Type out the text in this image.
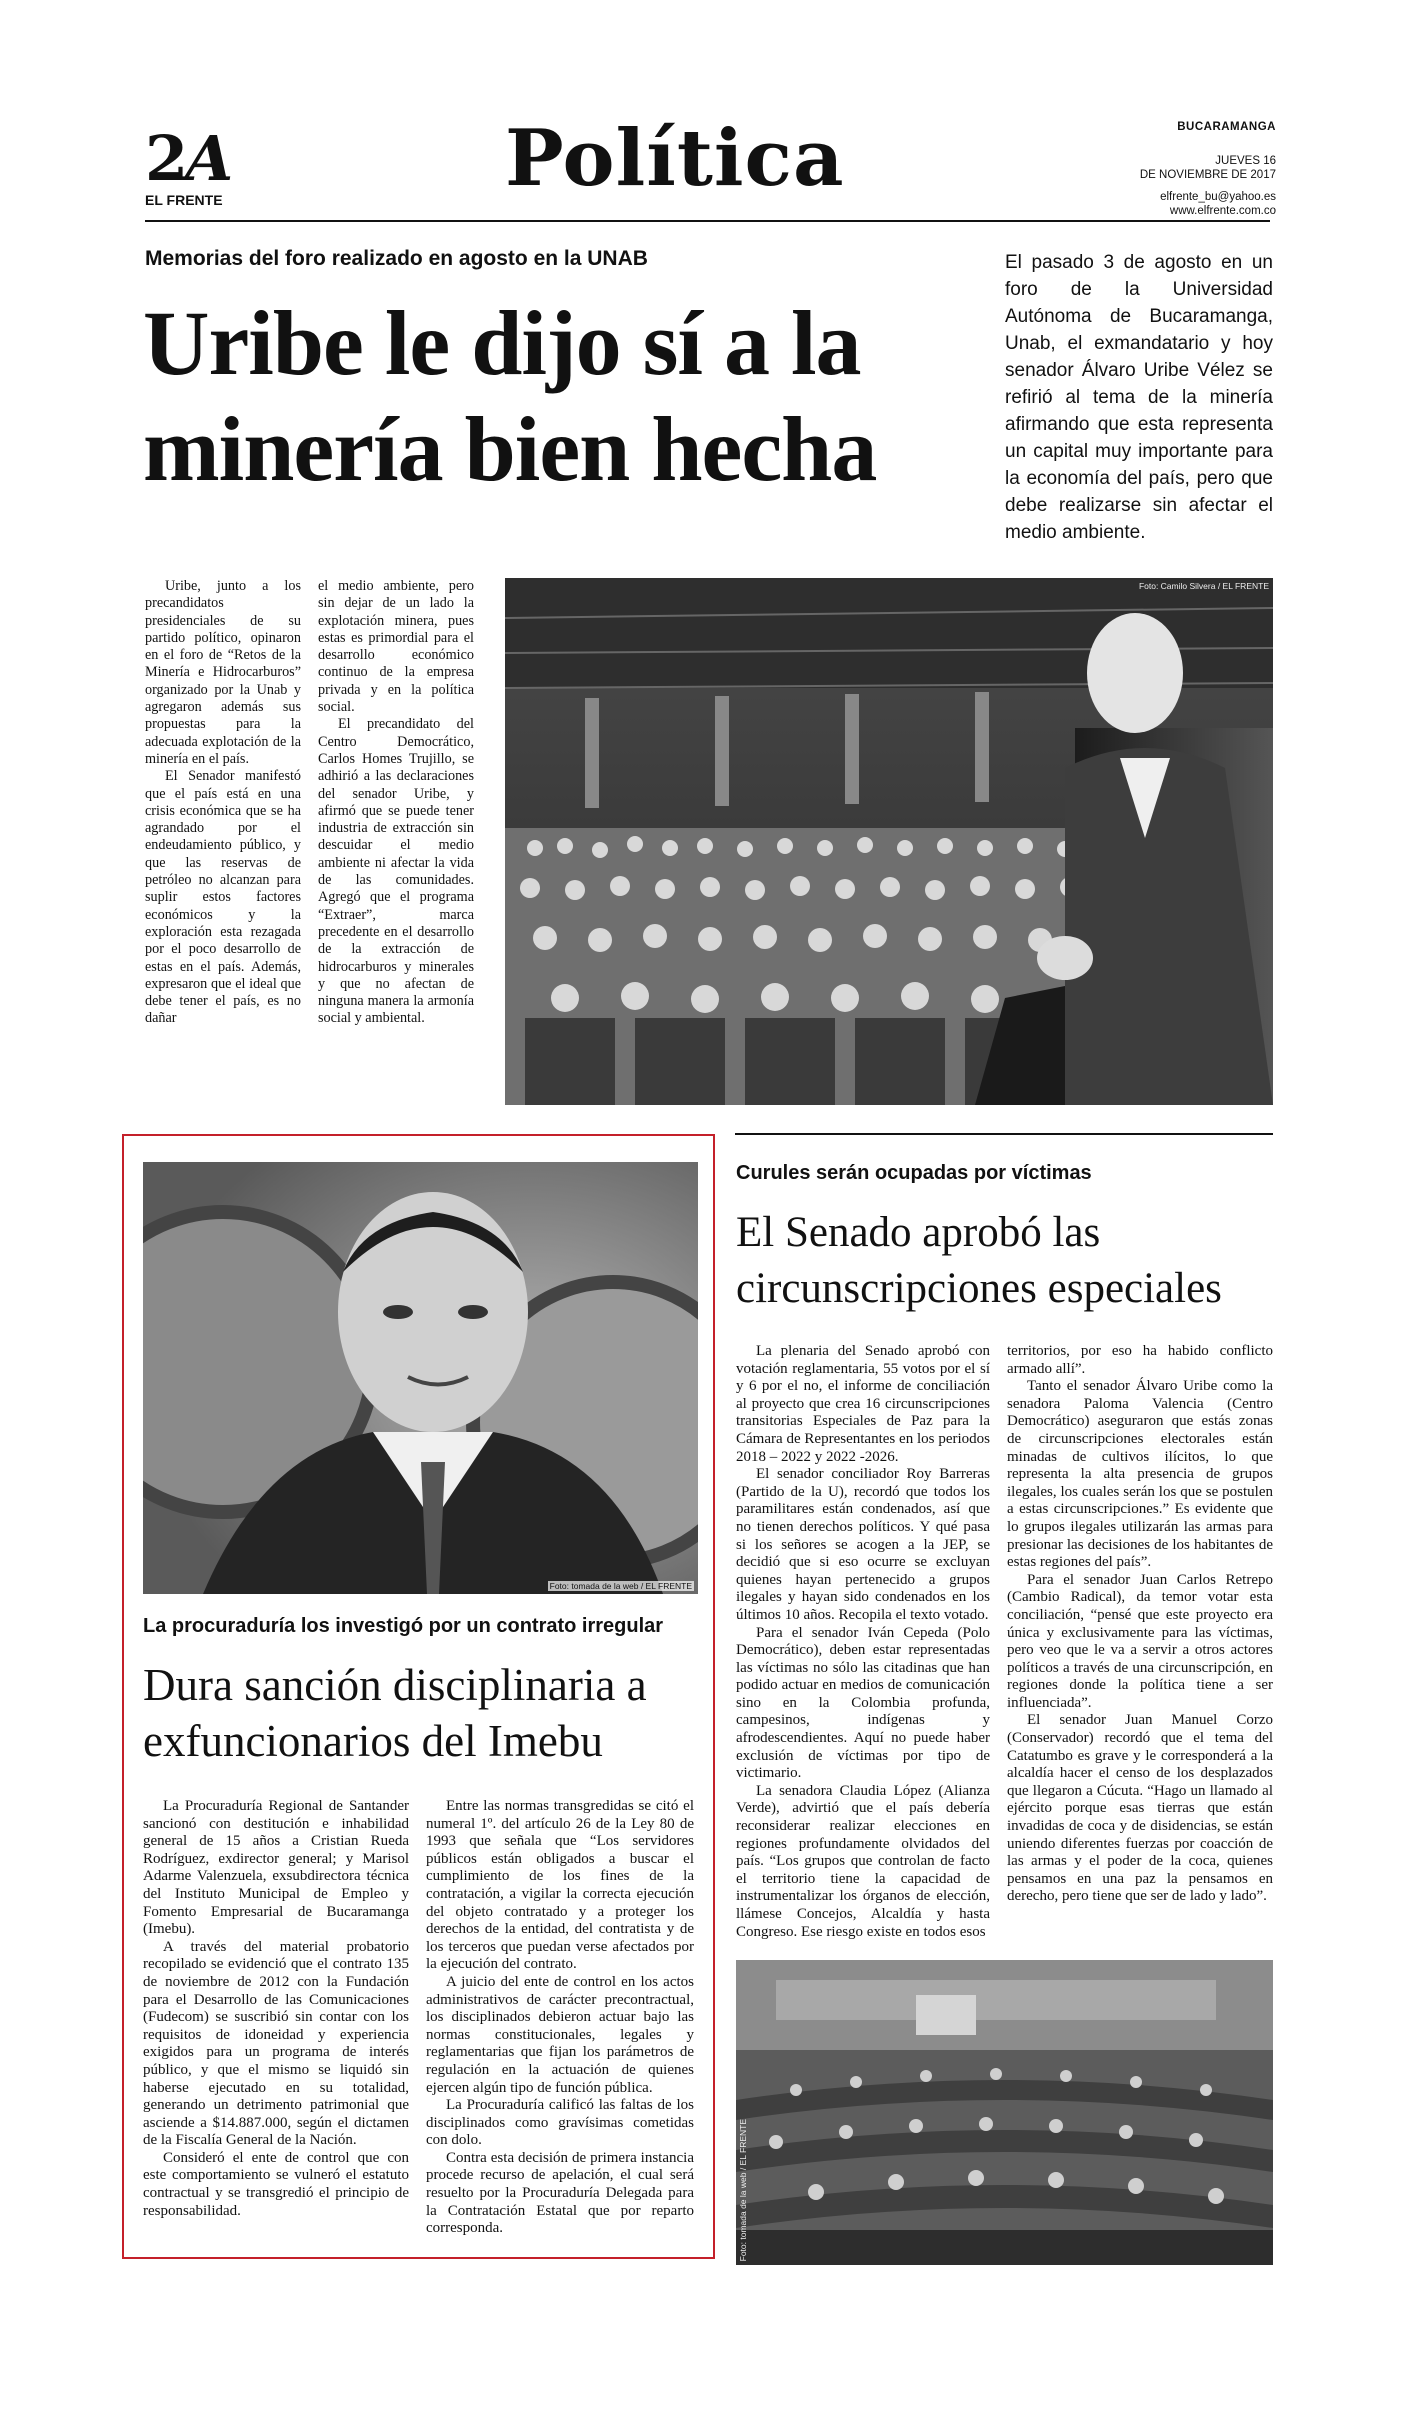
2A
EL FRENTE	Política	BUCARAMANGA
JUEVES 16
DE NOVIEMBRE DE 2017
elfrente_bu@yahoo.es
www.elfrente.com.co
Memorias del foro realizado en agosto en la UNAB
Uribe le dijo sí a la minería bien hecha
El pasado 3 de agosto en un foro de la Universidad Autónoma de Bucaramanga, Unab, el exmandatario y hoy senador Álvaro Uribe Vélez se refirió al tema de la minería afirmando que esta representa un capital muy importante para la economía del país, pero que debe realizarse sin afectar el medio ambiente.

Uribe, junto a los precandidatos presidenciales de su partido político, opinaron en el foro de “Retos de la Minería e Hidrocarburos” organizado por la Unab y agregaron además sus propuestas para la adecuada explotación de la minería en el país.

El Senador manifestó que el país está en una crisis económica que se ha agrandado por el endeudamiento público, y que las reservas de petróleo no alcanzan para suplir estos factores económicos y la exploración esta rezagada por el poco desarrollo de estas en el país. Además, expresaron que el ideal que debe tener el país, es no dañar

el medio ambiente, pero sin dejar de un lado la explotación minera, pues estas es primordial para el desarrollo económico continuo de la empresa privada y en la política social.

El precandidato del Centro Democrático, Carlos Homes Trujillo, se adhirió a las declaraciones del senador Uribe, y afirmó que se puede tener industria de extracción sin descuidar el medio ambiente ni afectar la vida de las comunidades. Agregó que el programa “Extraer”, marca precedente en el desarrollo de la extracción de hidrocarburos y minerales y que no afectan de ninguna manera la armonía social y ambiental.

Foto: Camilo Silvera / EL FRENTE
Foto: tomada de la web / EL FRENTE
La procuraduría los investigó por un contrato irregular
Dura sanción disciplinaria a exfuncionarios del Imebu

La Procuraduría Regional de Santander sancionó con destitución e inhabilidad general de 15 años a Cristian Rueda Rodríguez, exdirector general; y Marisol Adarme Valenzuela, exsubdirectora técnica del Instituto Municipal de Empleo y Fomento Empresarial de Bucaramanga (Imebu).

A través del material probatorio recopilado se evidenció que el contrato 135 de noviembre de 2012 con la Fundación para el Desarrollo de las Comunicaciones (Fudecom) se suscribió sin contar con los requisitos de idoneidad y experiencia exigidos para un programa de interés público, y que el mismo se liquidó sin haberse ejecutado en su totalidad, generando un detrimento patrimonial que asciende a $14.887.000, según el dictamen de la Fiscalía General de la Nación.

Consideró el ente de control que con este comportamiento se vulneró el estatuto contractual y se transgredió el principio de responsabilidad.

Entre las normas transgredidas se citó el numeral 1º. del artículo 26 de la Ley 80 de 1993 que señala que “Los servidores públicos están obligados a buscar el cumplimiento de los fines de la contratación, a vigilar la correcta ejecución del objeto contratado y a proteger los derechos de la entidad, del contratista y de los terceros que puedan verse afectados por la ejecución del contrato.

A juicio del ente de control en los actos administrativos de carácter precontractual, los disciplinados debieron actuar bajo las normas constitucionales, legales y reglamentarias que fijan los parámetros de regulación en la actuación de quienes ejercen algún tipo de función pública.

La Procuraduría calificó las faltas de los disciplinados como gravísimas cometidas con dolo.

Contra esta decisión de primera instancia procede recurso de apelación, el cual será resuelto por la Procuraduría Delegada para la Contratación Estatal que por reparto corresponda.

Curules serán ocupadas por víctimas
El Senado aprobó las circunscripciones especiales

La plenaria del Senado aprobó con votación reglamentaria, 55 votos por el sí y 6 por el no, el informe de conciliación al proyecto que crea 16 circunscripciones transitorias Especiales de Paz para la Cámara de Representantes en los periodos 2018 – 2022 y 2022 -2026.

El senador conciliador Roy Barreras (Partido de la U), recordó que todos los paramilitares están condenados, así que no tienen derechos políticos. Y qué pasa si los señores se acogen a la JEP, se decidió que si eso ocurre se excluyan quienes hayan pertenecido a grupos ilegales y hayan sido condenados en los últimos 10 años. Recopila el texto votado.

Para el senador Iván Cepeda (Polo Democrático), deben estar representadas las víctimas no sólo las citadinas que han podido actuar en medios de comunicación sino en la Colombia profunda, campesinos, indígenas y afrodescendientes. Aquí no puede haber exclusión de víctimas por tipo de victimario.

La senadora Claudia López (Alianza Verde), advirtió que el país debería reconsiderar realizar elecciones en regiones profundamente olvidados del país. “Los grupos que controlan de facto el territorio tiene la capacidad de instrumentalizar los órganos de elección, llámese Concejos, Alcaldía y hasta Congreso. Ese riesgo existe en todos esos

territorios, por eso ha habido conflicto armado allí”.

Tanto el senador Álvaro Uribe como la senadora Paloma Valencia (Centro Democrático) aseguraron que estás zonas de circunscripciones electorales están minadas de cultivos ilícitos, lo que representa la alta presencia de grupos ilegales, los cuales serán los que se postulen a estas circunscripciones.” Es evidente que lo grupos ilegales utilizarán las armas para presionar las decisiones de los habitantes de estas regiones del país”.

Para el senador Juan Carlos Retrepo (Cambio Radical), da temor votar esta conciliación, “pensé que este proyecto era única y exclusivamente para las víctimas, pero veo que le va a servir a otros actores políticos a través de una circunscripción, en regiones donde la política tiene a ser influenciada”.

El senador Juan Manuel Corzo (Conservador) recordó que el tema del Catatumbo es grave y le corresponderá a la alcaldía hacer el censo de los desplazados que llegaron a Cúcuta. “Hago un llamado al ejército porque esas tierras que están invadidas de coca y de disidencias, se están uniendo diferentes fuerzas por coacción de las armas y el poder de la coca, quienes pensamos en una paz la pensamos en derecho, pero tiene que ser de lado y lado”.

Foto: tomada de la web / EL FRENTE
